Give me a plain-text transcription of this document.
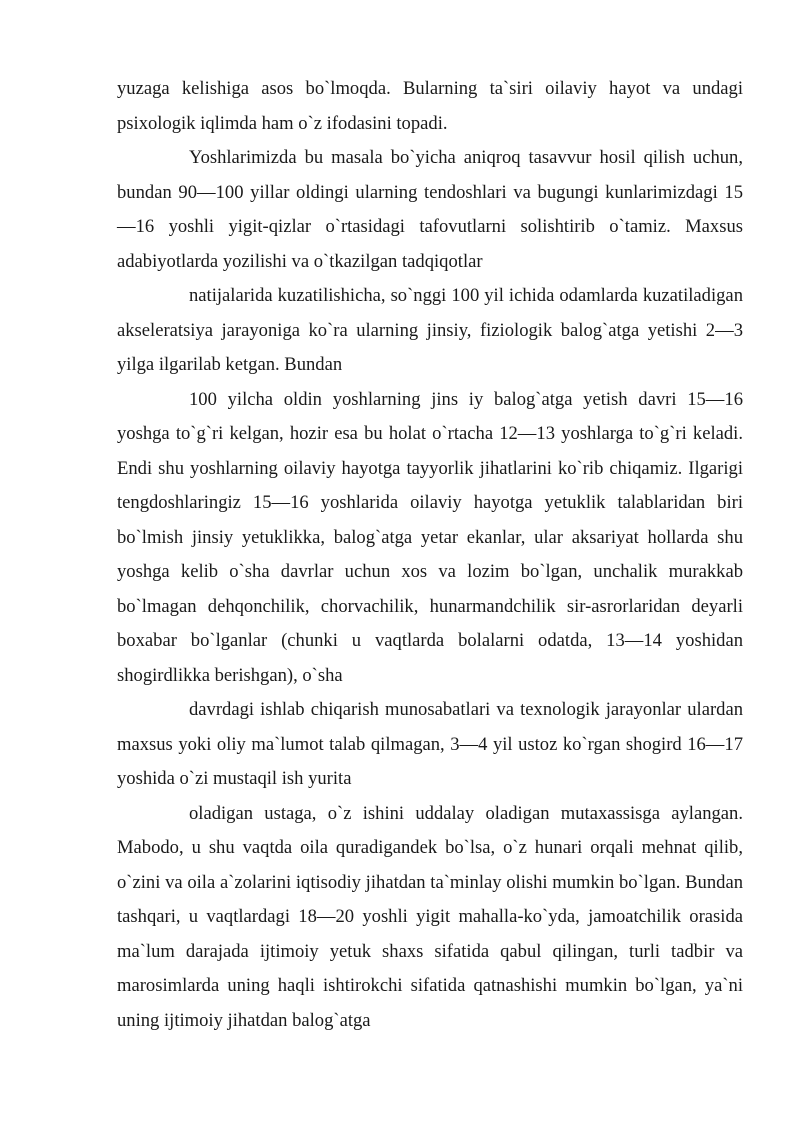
yuzaga kelishiga asos bo`lmoqda. Bularning ta`siri oilaviy hayot va undagi psixologik iqlimda ham o`z ifodasini topadi.

Yoshlarimizda bu masala bo`yicha aniqroq tasavvur hosil qilish uchun, bundan 90—100 yillar oldingi ularning tendoshlari va bugungi kunlarimizdagi 15—16 yoshli yigit-qizlar o`rtasidagi tafovutlarni solishtirib o`tamiz. Maxsus adabiyotlarda yozilishi va o`tkazilgan tadqiqotlar

natijalarida kuzatilishicha, so`nggi 100 yil ichida odamlarda kuzatiladigan akseleratsiya jarayoniga ko`ra ularning jinsiy, fiziologik balog`atga yetishi 2—3 yilga ilgarilab ketgan. Bundan

100 yilcha oldin yoshlarning jins iy balog`atga yetish davri 15—16 yoshga to`g`ri kelgan, hozir esa bu holat o`rtacha 12—13 yoshlarga to`g`ri keladi. Endi shu yoshlarning oilaviy hayotga tayyorlik jihatlarini ko`rib chiqamiz. Ilgarigi tengdoshlaringiz 15—16 yoshlarida oilaviy hayotga yetuklik talablaridan biri bo`lmish jinsiy yetuklikka, balog`atga yetar ekanlar, ular aksariyat hollarda shu yoshga kelib o`sha davrlar uchun xos va lozim bo`lgan, unchalik murakkab bo`lmagan dehqonchilik, chorvachilik, hunarmandchilik sir-asrorlaridan deyarli boxabar bo`lganlar (chunki u vaqtlarda bolalarni odatda, 13—14 yoshidan shogirdlikka berishgan), o`sha

davrdagi ishlab chiqarish munosabatlari va texnologik jarayonlar ulardan maxsus yoki oliy ma`lumot talab qilmagan, 3—4 yil ustoz ko`rgan shogird 16—17 yoshida o`zi mustaqil ish yurita

oladigan ustaga, o`z ishini uddalay oladigan mutaxassisga aylangan. Mabodo, u shu vaqtda oila quradigandek bo`lsa, o`z hunari orqali mehnat qilib, o`zini va oila a`zolarini iqtisodiy jihatdan ta`minlay olishi mumkin bo`lgan. Bundan tashqari, u vaqtlardagi 18—20 yoshli yigit mahalla-ko`yda, jamoatchilik orasida ma`lum darajada ijtimoiy yetuk shaxs sifatida qabul qilingan, turli tadbir va marosimlarda uning haqli ishtirokchi sifatida qatnashishi mumkin bo`lgan, ya`ni uning ijtimoiy jihatdan balog`atga
